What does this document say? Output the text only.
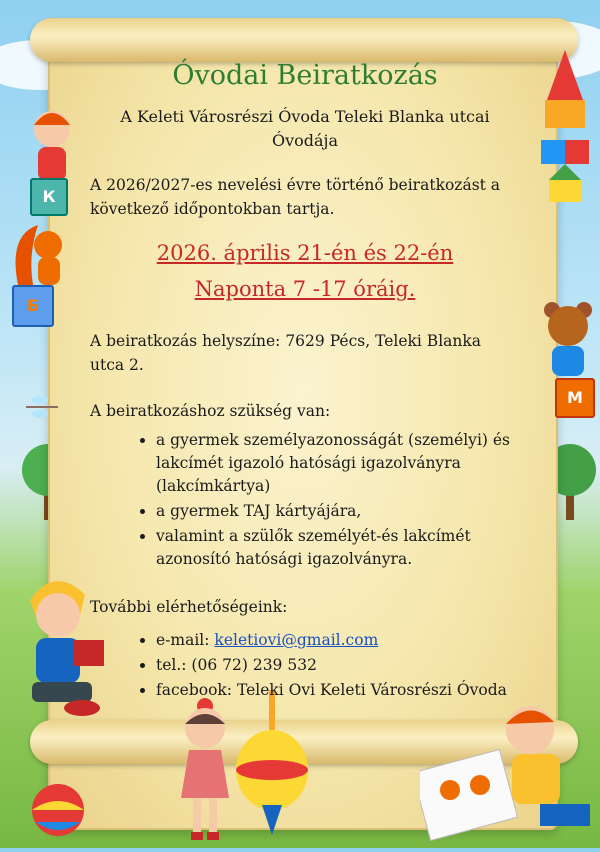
К
Б
М
Óvodai Beiratkozás
A Keleti Városrészi Óvoda Teleki Blanka utcai
Óvodája

A 2026/2027-es nevelési évre történő beiratkozást a következő időpontokban tartja.

2026. április 21-én és 22-én
Naponta 7 -17 óráig.

A beiratkozás helyszíne: 7629 Pécs, Teleki Blanka utca 2.

A beiratkozáshoz szükség van:

• a gyermek személyazonosságát (személyi) és lakcímét igazoló hatósági igazolványra (lakcímkártya)
• a gyermek TAJ kártyájára,
• valamint a szülők személyét-és lakcímét azonosító hatósági igazolványra.

További elérhetőségeink:

• e-mail: keletiovi@gmail.com
• tel.: (06 72) 239 532
• facebook: Teleki Ovi Keleti Városrészi Óvoda
